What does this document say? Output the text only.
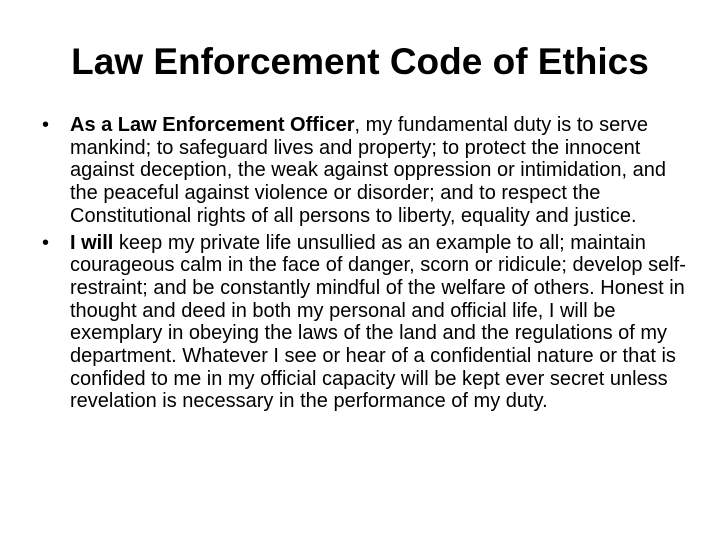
Law Enforcement Code of Ethics
• As a Law Enforcement Officer, my fundamental duty is to serve mankind; to safeguard lives and property; to protect the innocent against deception, the weak against oppression or intimidation, and the peaceful against violence or disorder; and to respect the Constitutional rights of all persons to liberty, equality and justice.
• I will keep my private life unsullied as an example to all; maintain courageous calm in the face of danger, scorn or ridicule; develop self-restraint; and be constantly mindful of the welfare of others. Honest in thought and deed in both my personal and official life, I will be exemplary in obeying the laws of the land and the regulations of my department. Whatever I see or hear of a confidential nature or that is confided to me in my official capacity will be kept ever secret unless revelation is necessary in the performance of my duty.
